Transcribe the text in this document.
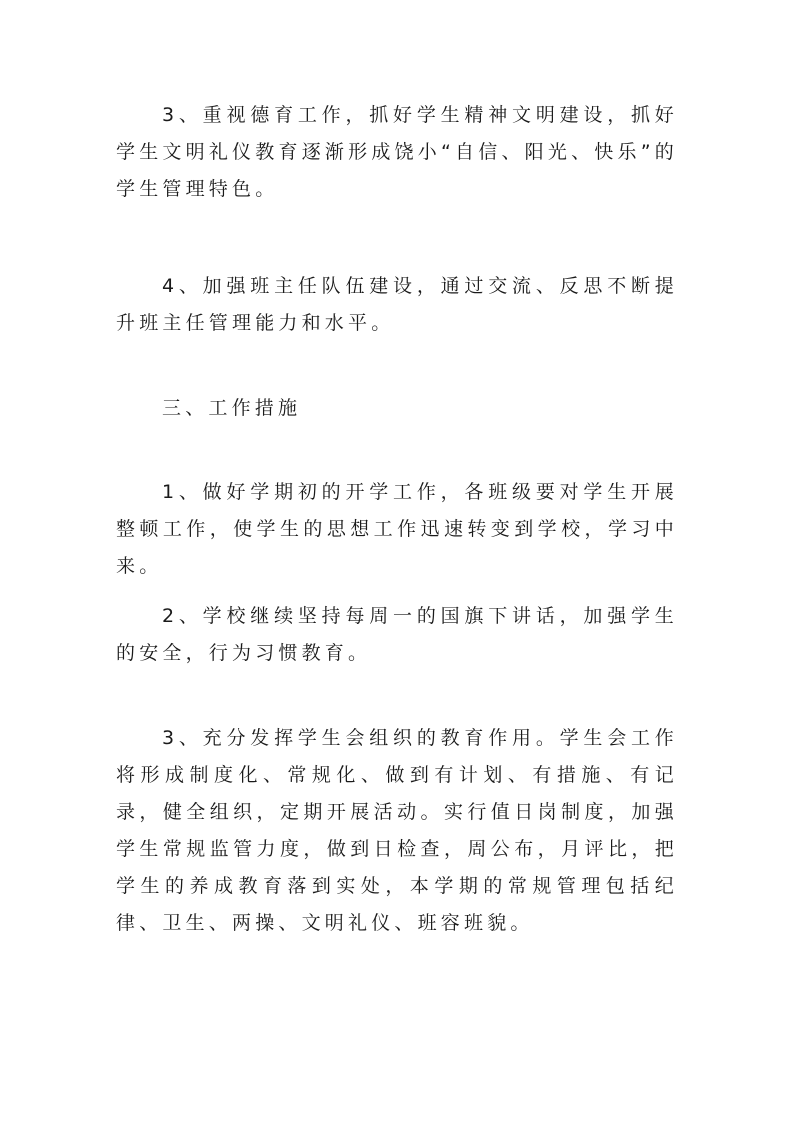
3、重视德育工作，抓好学生精神文明建设，抓好学生文明礼仪教育逐渐形成饶小“自信、阳光、快乐”的学生管理特色。

4、加强班主任队伍建设，通过交流、反思不断提升班主任管理能力和水平。

三、工作措施

1、做好学期初的开学工作，各班级要对学生开展整顿工作，使学生的思想工作迅速转变到学校，学习中来。

2、学校继续坚持每周一的国旗下讲话，加强学生的安全，行为习惯教育。

3、充分发挥学生会组织的教育作用。学生会工作将形成制度化、常规化、做到有计划、有措施、有记录，健全组织，定期开展活动。实行值日岗制度，加强学生常规监管力度，做到日检查，周公布，月评比，把学生的养成教育落到实处，本学期的常规管理包括纪律、卫生、两操、文明礼仪、班容班貌。
